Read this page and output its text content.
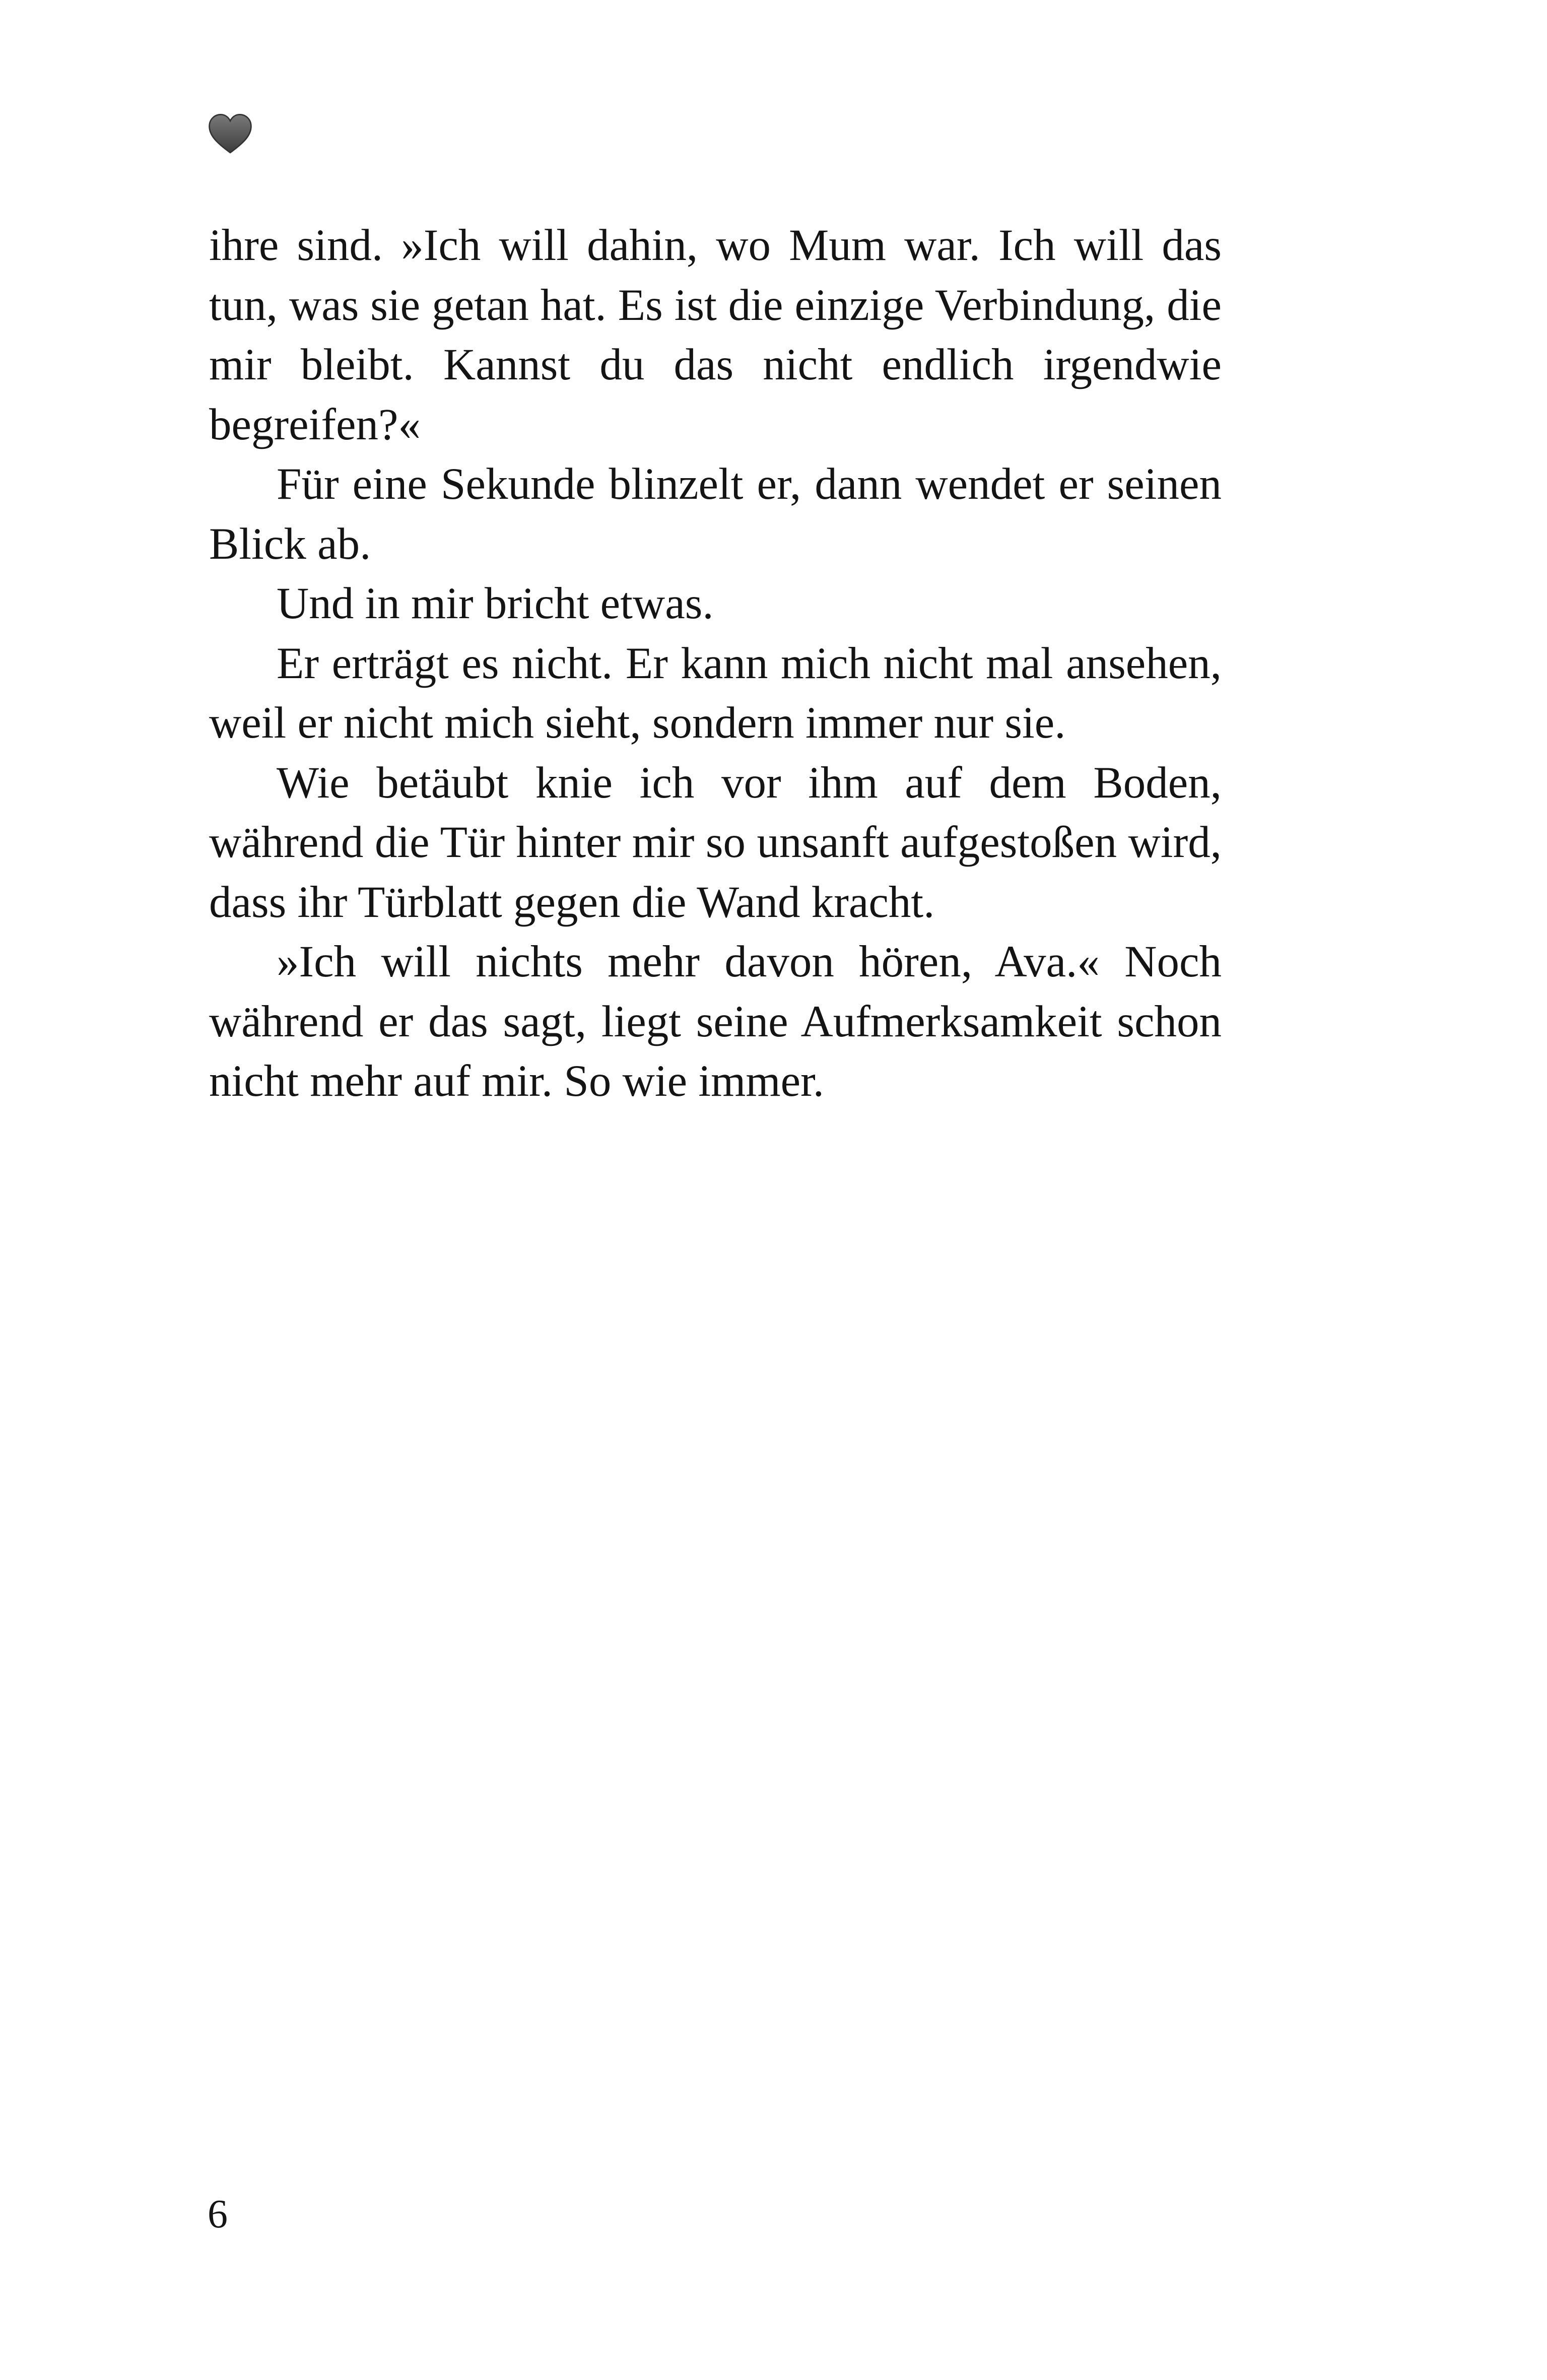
ihre sind. »Ich will dahin, wo Mum war. Ich will das tun, was sie getan hat. Es ist die einzige Verbindung, die mir bleibt. Kannst du das nicht endlich irgendwie begreifen?«

Für eine Sekunde blinzelt er, dann wendet er seinen Blick ab.

Und in mir bricht etwas.

Er erträgt es nicht. Er kann mich nicht mal ansehen, weil er nicht mich sieht, sondern immer nur sie.

Wie betäubt knie ich vor ihm auf dem Boden, während die Tür hinter mir so unsanft aufgestoßen wird, dass ihr Türblatt gegen die Wand kracht.

»Ich will nichts mehr davon hören, Ava.« Noch während er das sagt, liegt seine Aufmerksamkeit schon nicht mehr auf mir. So wie immer.

6
